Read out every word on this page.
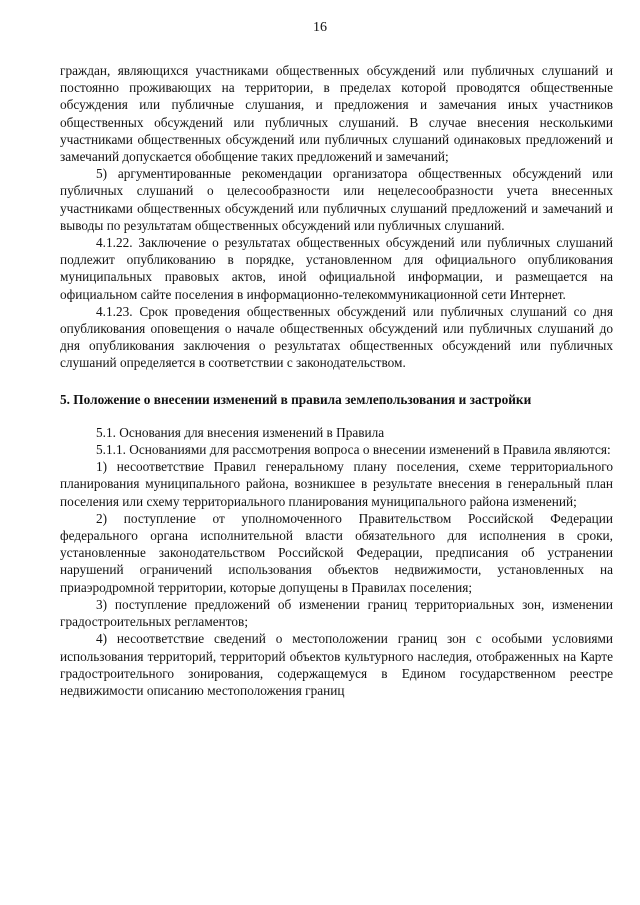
16

граждан, являющихся участниками общественных обсуждений или публичных слушаний и постоянно проживающих на территории, в пределах которой проводятся общественные обсуждения или публичные слушания, и предложения и замечания иных участников общественных обсуждений или публичных слушаний. В случае внесения несколькими участниками общественных обсуждений или публичных слушаний одинаковых предложений и замечаний допускается обобщение таких предложений и замечаний;

5) аргументированные рекомендации организатора общественных обсуждений или публичных слушаний о целесообразности или нецелесообразности учета внесенных участниками общественных обсуждений или публичных слушаний предложений и замечаний и выводы по результатам общественных обсуждений или публичных слушаний.

4.1.22. Заключение о результатах общественных обсуждений или публичных слушаний подлежит опубликованию в порядке, установленном для официального опубликования муниципальных правовых актов, иной официальной информации, и размещается на официальном сайте поселения в информационно-телекоммуникационной сети Интернет.

4.1.23. Срок проведения общественных обсуждений или публичных слушаний со дня опубликования оповещения о начале общественных обсуждений или публичных слушаний до дня опубликования заключения о результатах общественных обсуждений или публичных слушаний определяется в соответствии с законодательством.

5. Положение о внесении изменений в правила землепользования и застройки

5.1. Основания для внесения изменений в Правила

5.1.1. Основаниями для рассмотрения вопроса о внесении изменений в Правила являются:

1) несоответствие Правил генеральному плану поселения, схеме территориального планирования муниципального района, возникшее в результате внесения в генеральный план поселения или схему территориального планирования муниципального района изменений;

2) поступление от уполномоченного Правительством Российской Федерации федерального органа исполнительной власти обязательного для исполнения в сроки, установленные законодательством Российской Федерации, предписания об устранении нарушений ограничений использования объектов недвижимости, установленных на приаэродромной территории, которые допущены в Правилах поселения;

3) поступление предложений об изменении границ территориальных зон, изменении градостроительных регламентов;

4) несоответствие сведений о местоположении границ зон с особыми условиями использования территорий, территорий объектов культурного наследия, отображенных на Карте градостроительного зонирования, содержащемуся в Едином государственном реестре недвижимости описанию местоположения границ
